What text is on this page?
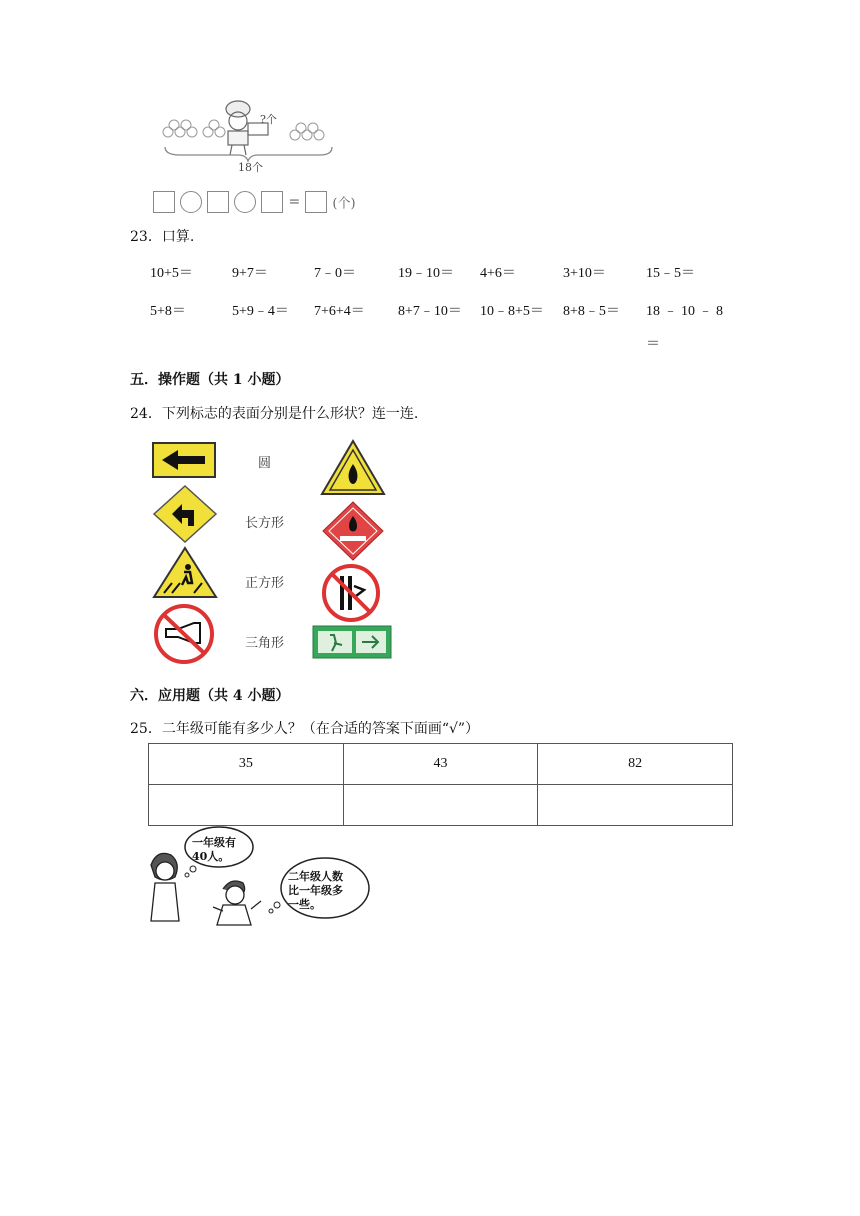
?个
18个
= (个)
23．口算.
10+5＝	9+7＝	7﹣0＝	19﹣10＝ 4+6＝	3+10＝	15﹣5＝
5+8＝	5+9﹣4＝ 7+6+4＝ 8+7﹣10＝ 10﹣8+5＝ 8+8﹣5＝ 18 ﹣ 10 ﹣ 8
＝
五．操作题（共 1 小题）
24．下列标志的表面分别是什么形状？连一连.
圆
长方形
正方形
三角形
六．应用题（共 4 小题）
25．二年级可能有多少人？（在合适的答案下面画“√”）
35	43	82

一年级有
40人。
二年级人数
比一年级多
一些。
